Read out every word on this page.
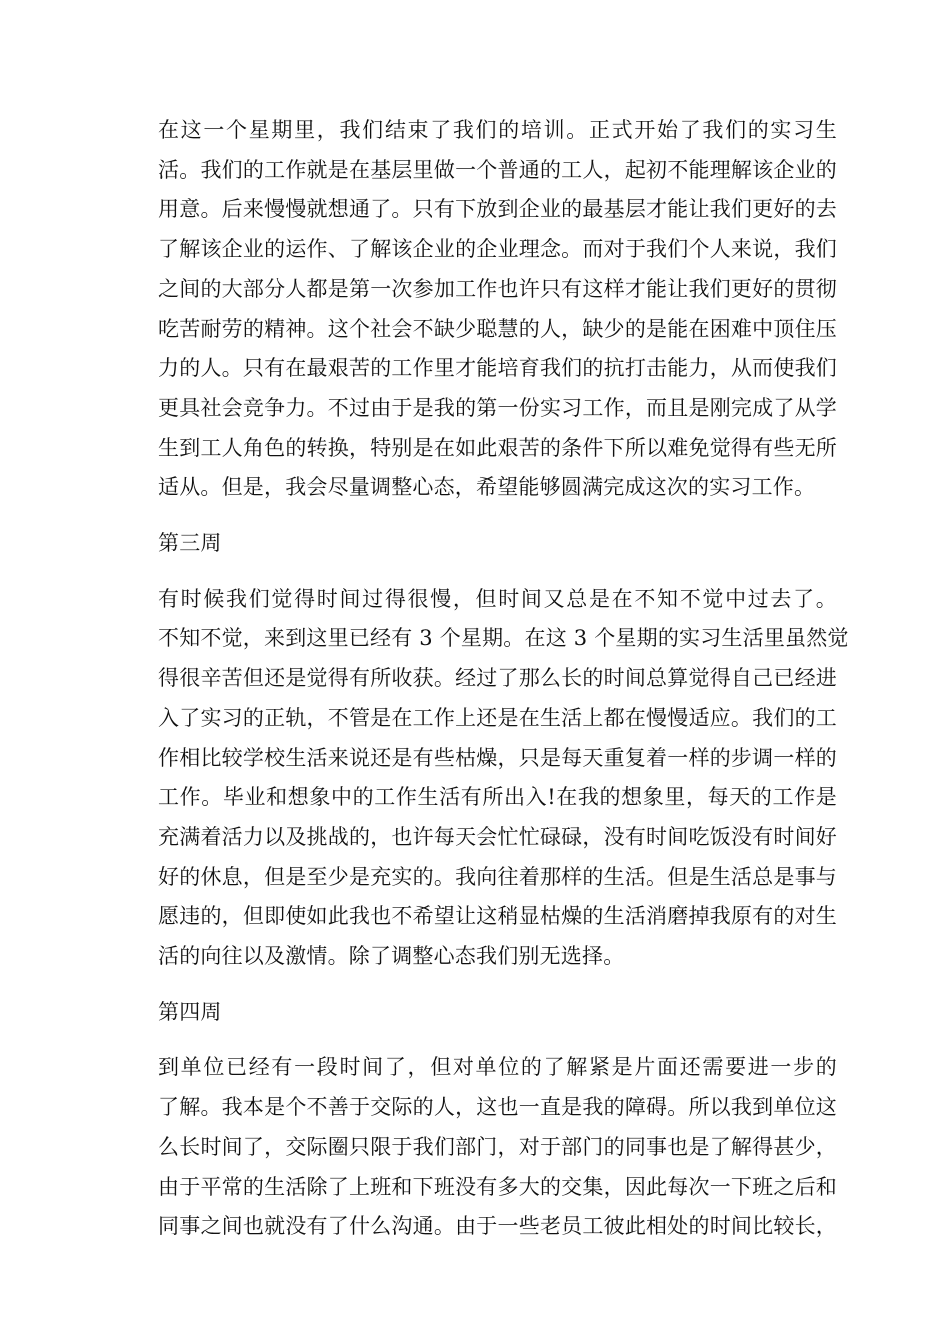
在这一个星期里，我们结束了我们的培训。正式开始了我们的实习生
活。我们的工作就是在基层里做一个普通的工人，起初不能理解该企业的
用意。后来慢慢就想通了。只有下放到企业的最基层才能让我们更好的去
了解该企业的运作、了解该企业的企业理念。而对于我们个人来说，我们
之间的大部分人都是第一次参加工作也许只有这样才能让我们更好的贯彻
吃苦耐劳的精神。这个社会不缺少聪慧的人，缺少的是能在困难中顶住压
力的人。只有在最艰苦的工作里才能培育我们的抗打击能力，从而使我们
更具社会竞争力。不过由于是我的第一份实习工作，而且是刚完成了从学
生到工人角色的转换，特别是在如此艰苦的条件下所以难免觉得有些无所
适从。但是，我会尽量调整心态，希望能够圆满完成这次的实习工作。
第三周
有时候我们觉得时间过得很慢，但时间又总是在不知不觉中过去了。
不知不觉，来到这里已经有 3 个星期。在这 3 个星期的实习生活里虽然觉
得很辛苦但还是觉得有所收获。经过了那么长的时间总算觉得自己已经进
入了实习的正轨，不管是在工作上还是在生活上都在慢慢适应。我们的工
作相比较学校生活来说还是有些枯燥，只是每天重复着一样的步调一样的
工作。毕业和想象中的工作生活有所出入!在我的想象里，每天的工作是
充满着活力以及挑战的，也许每天会忙忙碌碌，没有时间吃饭没有时间好
好的休息，但是至少是充实的。我向往着那样的生活。但是生活总是事与
愿违的，但即使如此我也不希望让这稍显枯燥的生活消磨掉我原有的对生
活的向往以及激情。除了调整心态我们别无选择。
第四周
到单位已经有一段时间了，但对单位的了解紧是片面还需要进一步的
了解。我本是个不善于交际的人，这也一直是我的障碍。所以我到单位这
么长时间了，交际圈只限于我们部门，对于部门的同事也是了解得甚少，
由于平常的生活除了上班和下班没有多大的交集，因此每次一下班之后和
同事之间也就没有了什么沟通。由于一些老员工彼此相处的时间比较长，
